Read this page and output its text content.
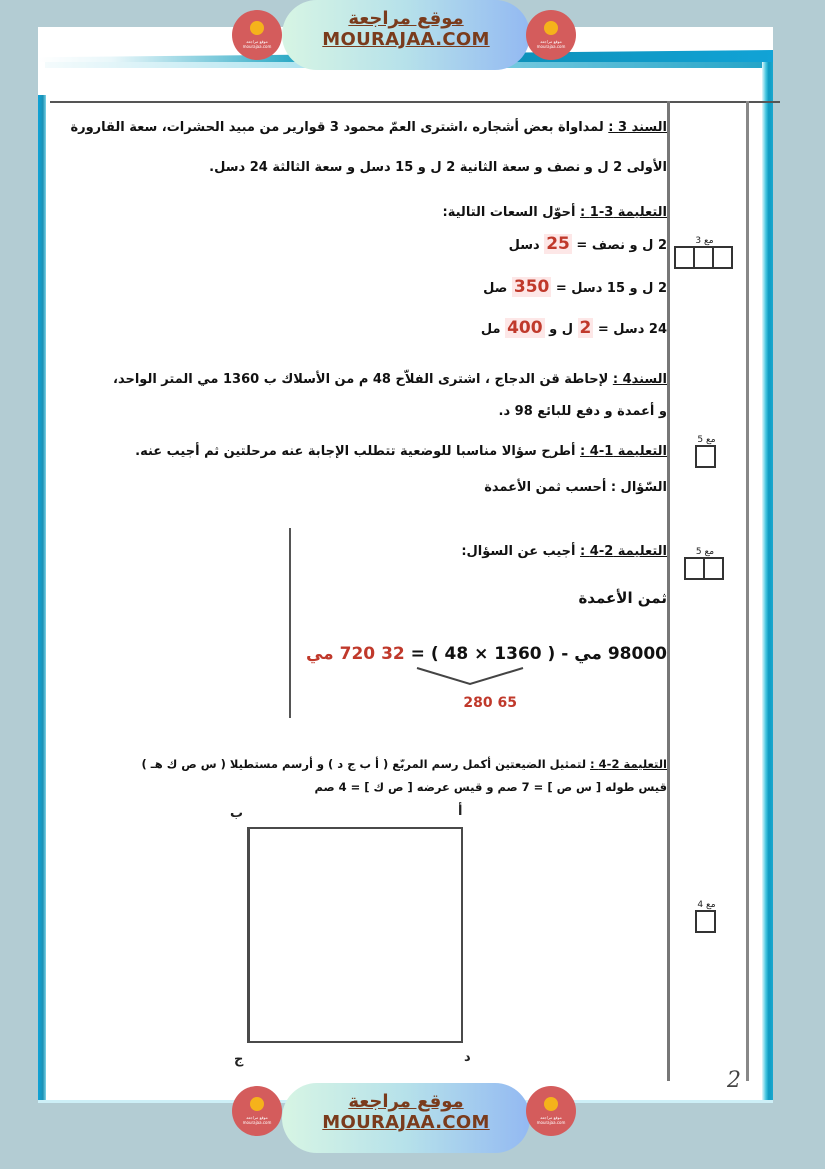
موقع مراجعة mourajaa.com
موقع مراجعة
MOURAJAA.COM	موقع مراجعة mourajaa.com
السند 3 : لمداواة بعض أشجاره ،اشترى العمّ محمود 3 قوارير من مبيد الحشرات، سعة القارورة
الأولى 2 ل و نصف و سعة الثانية 2 ل و 15 دسل و سعة الثالثة 24 دسل.
التعليمة 3-1 : أحوّل السعات التالية:
2 ل و نصف = 25 دسل
2 ل و 15 دسل = 350 صل
24 دسل = 2 ل و 400 مل
السند4 : لإحاطة قن الدجاج ، اشترى الفلاّح 48 م من الأسلاك ب 1360 مي المتر الواحد،
و أعمدة و دفع للبائع 98 د.
التعليمة 1-4 : أطرح سؤالا مناسبا للوضعية تتطلب الإجابة عنه مرحلتين ثم أجيب عنه.
السّؤال : أحسب ثمن الأعمدة
التعليمة 2-4 : أجيب عن السؤال:
ثمن الأعمدة
98000 مي - ( 1360 × 48 ) = 32 720 مي
65 280
التعليمة 2-4 : لتمثيل الضيعتين أكمل رسم المربّع ( أ ب ج د ) و أرسم مستطيلا ( س ص ك هـ )
قيس طوله [ س ص ] = 7 صم و قيس عرضه [ ص ك ] = 4 صم
ب	أ
ج	د
مع 3
مع 5
مع 5
مع 4
2
موقع مراجعة mourajaa.com
موقع مراجعة
MOURAJAA.COM	موقع مراجعة mourajaa.com
